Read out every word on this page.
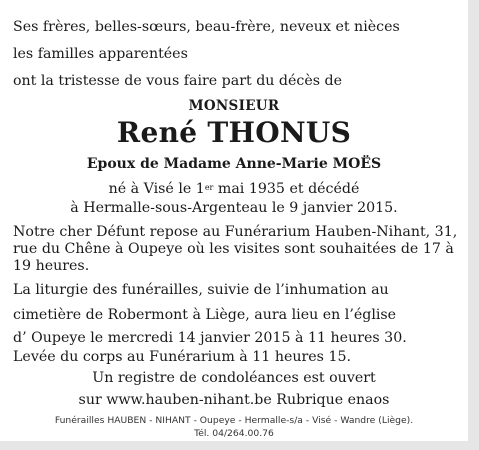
Ses frères, belles-sœurs, beau-frère, neveux et nièces
les familles apparentées
ont la tristesse de vous faire part du décès de
MONSIEUR
René THONUS
Epoux de Madame Anne-Marie MOËS
né à Visé le 1er mai 1935 et décédé
à Hermalle-sous-Argenteau le 9 janvier 2015.
Notre cher Défunt repose au Funérarium Hauben-Nihant, 31,
rue du Chêne à Oupeye où les visites sont souhaitées de 17 à
19 heures.
La liturgie des funérailles, suivie de l’inhumation au
cimetière de Robermont à Liège, aura lieu en l’église
d’ Oupeye le mercredi 14 janvier 2015 à 11 heures 30.
Levée du corps au Funérarium à 11 heures 15.
Un registre de condoléances est ouvert
sur www.hauben-nihant.be Rubrique enaos
Funérailles HAUBEN - NIHANT - Oupeye - Hermalle-s/a - Visé - Wandre (Liège).
Tél. 04/264.00.76
